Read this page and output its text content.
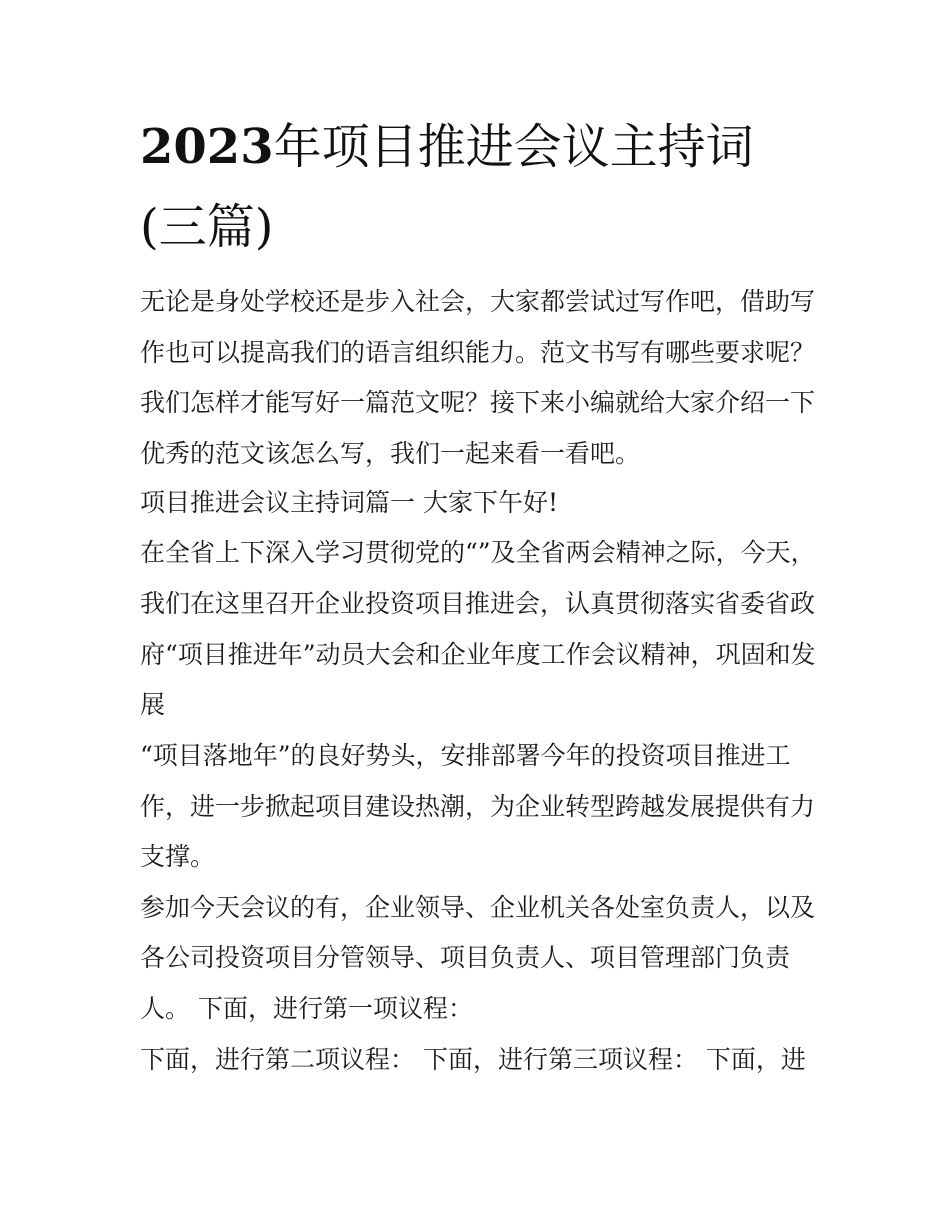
2023年项目推进会议主持词
(三篇)

无论是身处学校还是步入社会，大家都尝试过写作吧，借助写

作也可以提高我们的语言组织能力。范文书写有哪些要求呢？

我们怎样才能写好一篇范文呢？接下来小编就给大家介绍一下

优秀的范文该怎么写，我们一起来看一看吧。

项目推进会议主持词篇一 大家下午好!

在全省上下深入学习贯彻党的“”及全省两会精神之际，今天，

我们在这里召开企业投资项目推进会，认真贯彻落实省委省政

府“项目推进年”动员大会和企业年度工作会议精神，巩固和发

展

“项目落地年”的良好势头，安排部署今年的投资项目推进工

作，进一步掀起项目建设热潮，为企业转型跨越发展提供有力

支撑。

参加今天会议的有，企业领导、企业机关各处室负责人，以及

各公司投资项目分管领导、项目负责人、项目管理部门负责

人。 下面，进行第一项议程：

下面，进行第二项议程： 下面，进行第三项议程： 下面，进
